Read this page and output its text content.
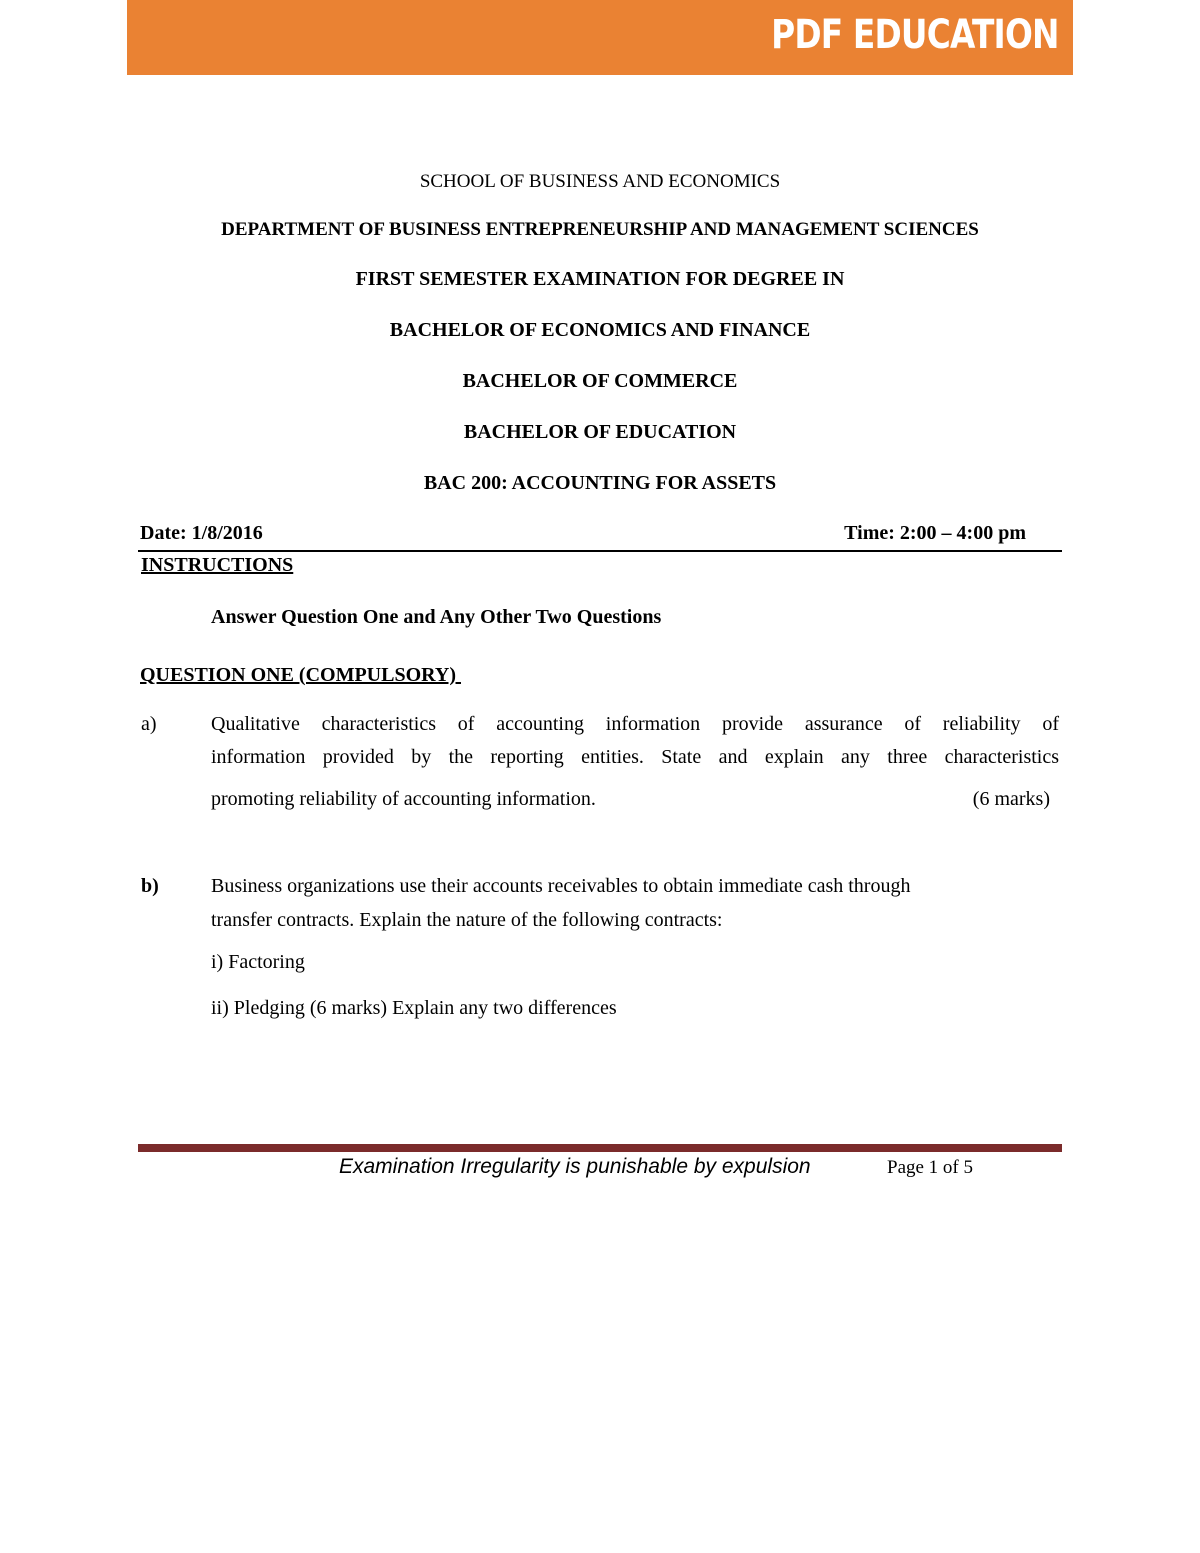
PDF EDUCATION
SCHOOL OF BUSINESS AND ECONOMICS
DEPARTMENT OF BUSINESS ENTREPRENEURSHIP AND MANAGEMENT SCIENCES
FIRST SEMESTER EXAMINATION FOR DEGREE IN
BACHELOR OF ECONOMICS AND FINANCE
BACHELOR OF COMMERCE
BACHELOR OF EDUCATION
BAC 200: ACCOUNTING FOR ASSETS
Date: 1/8/2016	Time: 2:00 – 4:00 pm
INSTRUCTIONS
Answer Question One and Any Other Two Questions
QUESTION ONE (COMPULSORY)
a)	Qualitative characteristics of accounting information provide assurance of reliability of
information provided by the reporting entities. State and explain any three characteristics
promoting reliability of accounting information.	(6 marks)
b)	Business organizations use their accounts receivables to obtain immediate cash through
transfer contracts. Explain the nature of the following contracts:
i) Factoring
ii) Pledging (6 marks) Explain any two differences
Examination Irregularity is punishable by expulsion	Page 1 of 5
